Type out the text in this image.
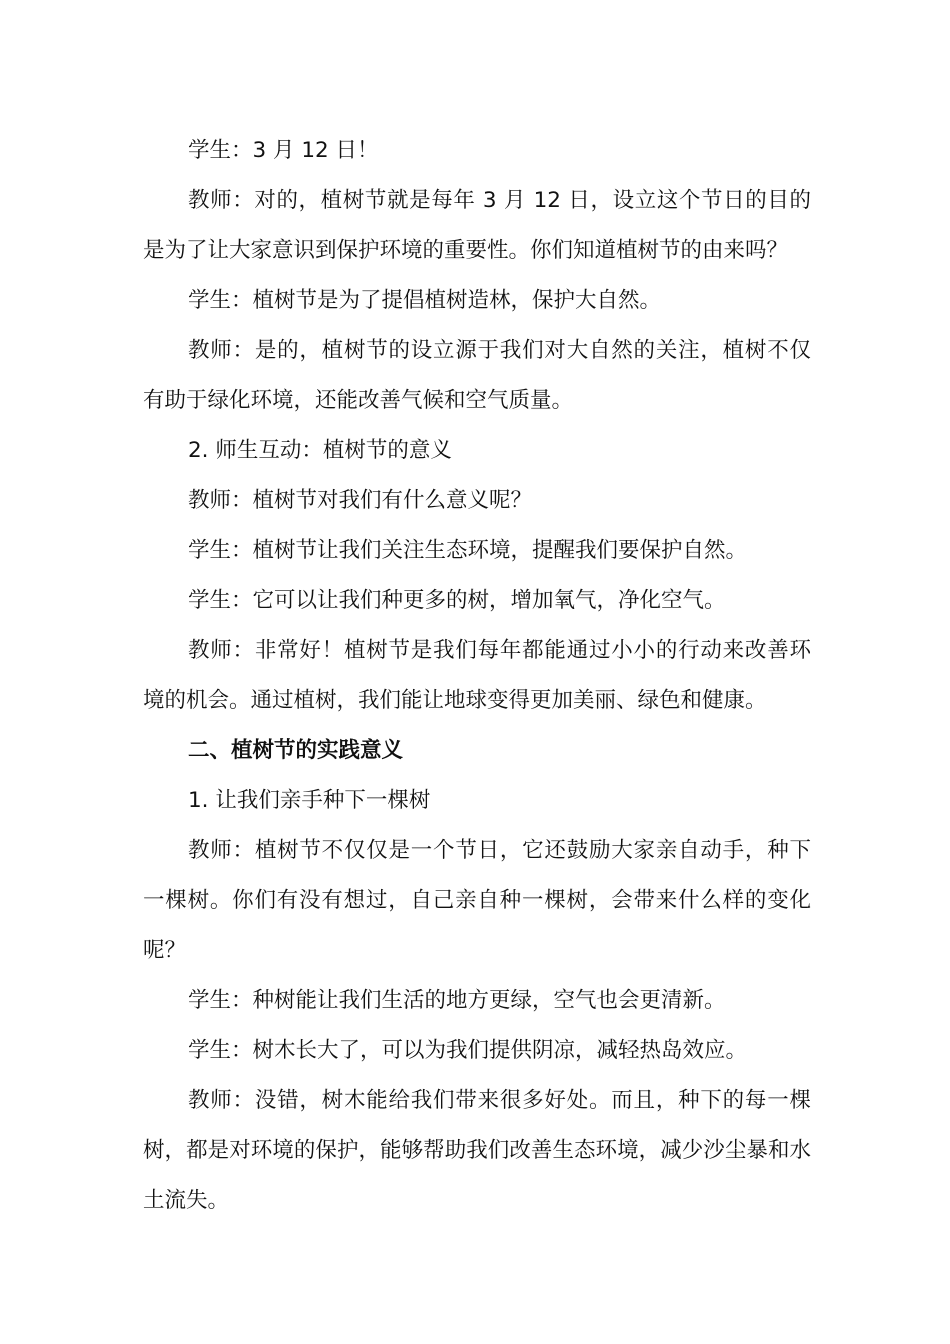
学生：3 月 12 日！

教师：对的，植树节就是每年 3 月 12 日，设立这个节日的目的是为了让大家意识到保护环境的重要性。你们知道植树节的由来吗？

学生：植树节是为了提倡植树造林，保护大自然。

教师：是的，植树节的设立源于我们对大自然的关注，植树不仅有助于绿化环境，还能改善气候和空气质量。

2. 师生互动：植树节的意义

教师：植树节对我们有什么意义呢？

学生：植树节让我们关注生态环境，提醒我们要保护自然。

学生：它可以让我们种更多的树，增加氧气，净化空气。

教师：非常好！植树节是我们每年都能通过小小的行动来改善环境的机会。通过植树，我们能让地球变得更加美丽、绿色和健康。

二、植树节的实践意义

1. 让我们亲手种下一棵树

教师：植树节不仅仅是一个节日，它还鼓励大家亲自动手，种下一棵树。你们有没有想过，自己亲自种一棵树，会带来什么样的变化呢？

学生：种树能让我们生活的地方更绿，空气也会更清新。

学生：树木长大了，可以为我们提供阴凉，减轻热岛效应。

教师：没错，树木能给我们带来很多好处。而且，种下的每一棵树，都是对环境的保护，能够帮助我们改善生态环境，减少沙尘暴和水土流失。
